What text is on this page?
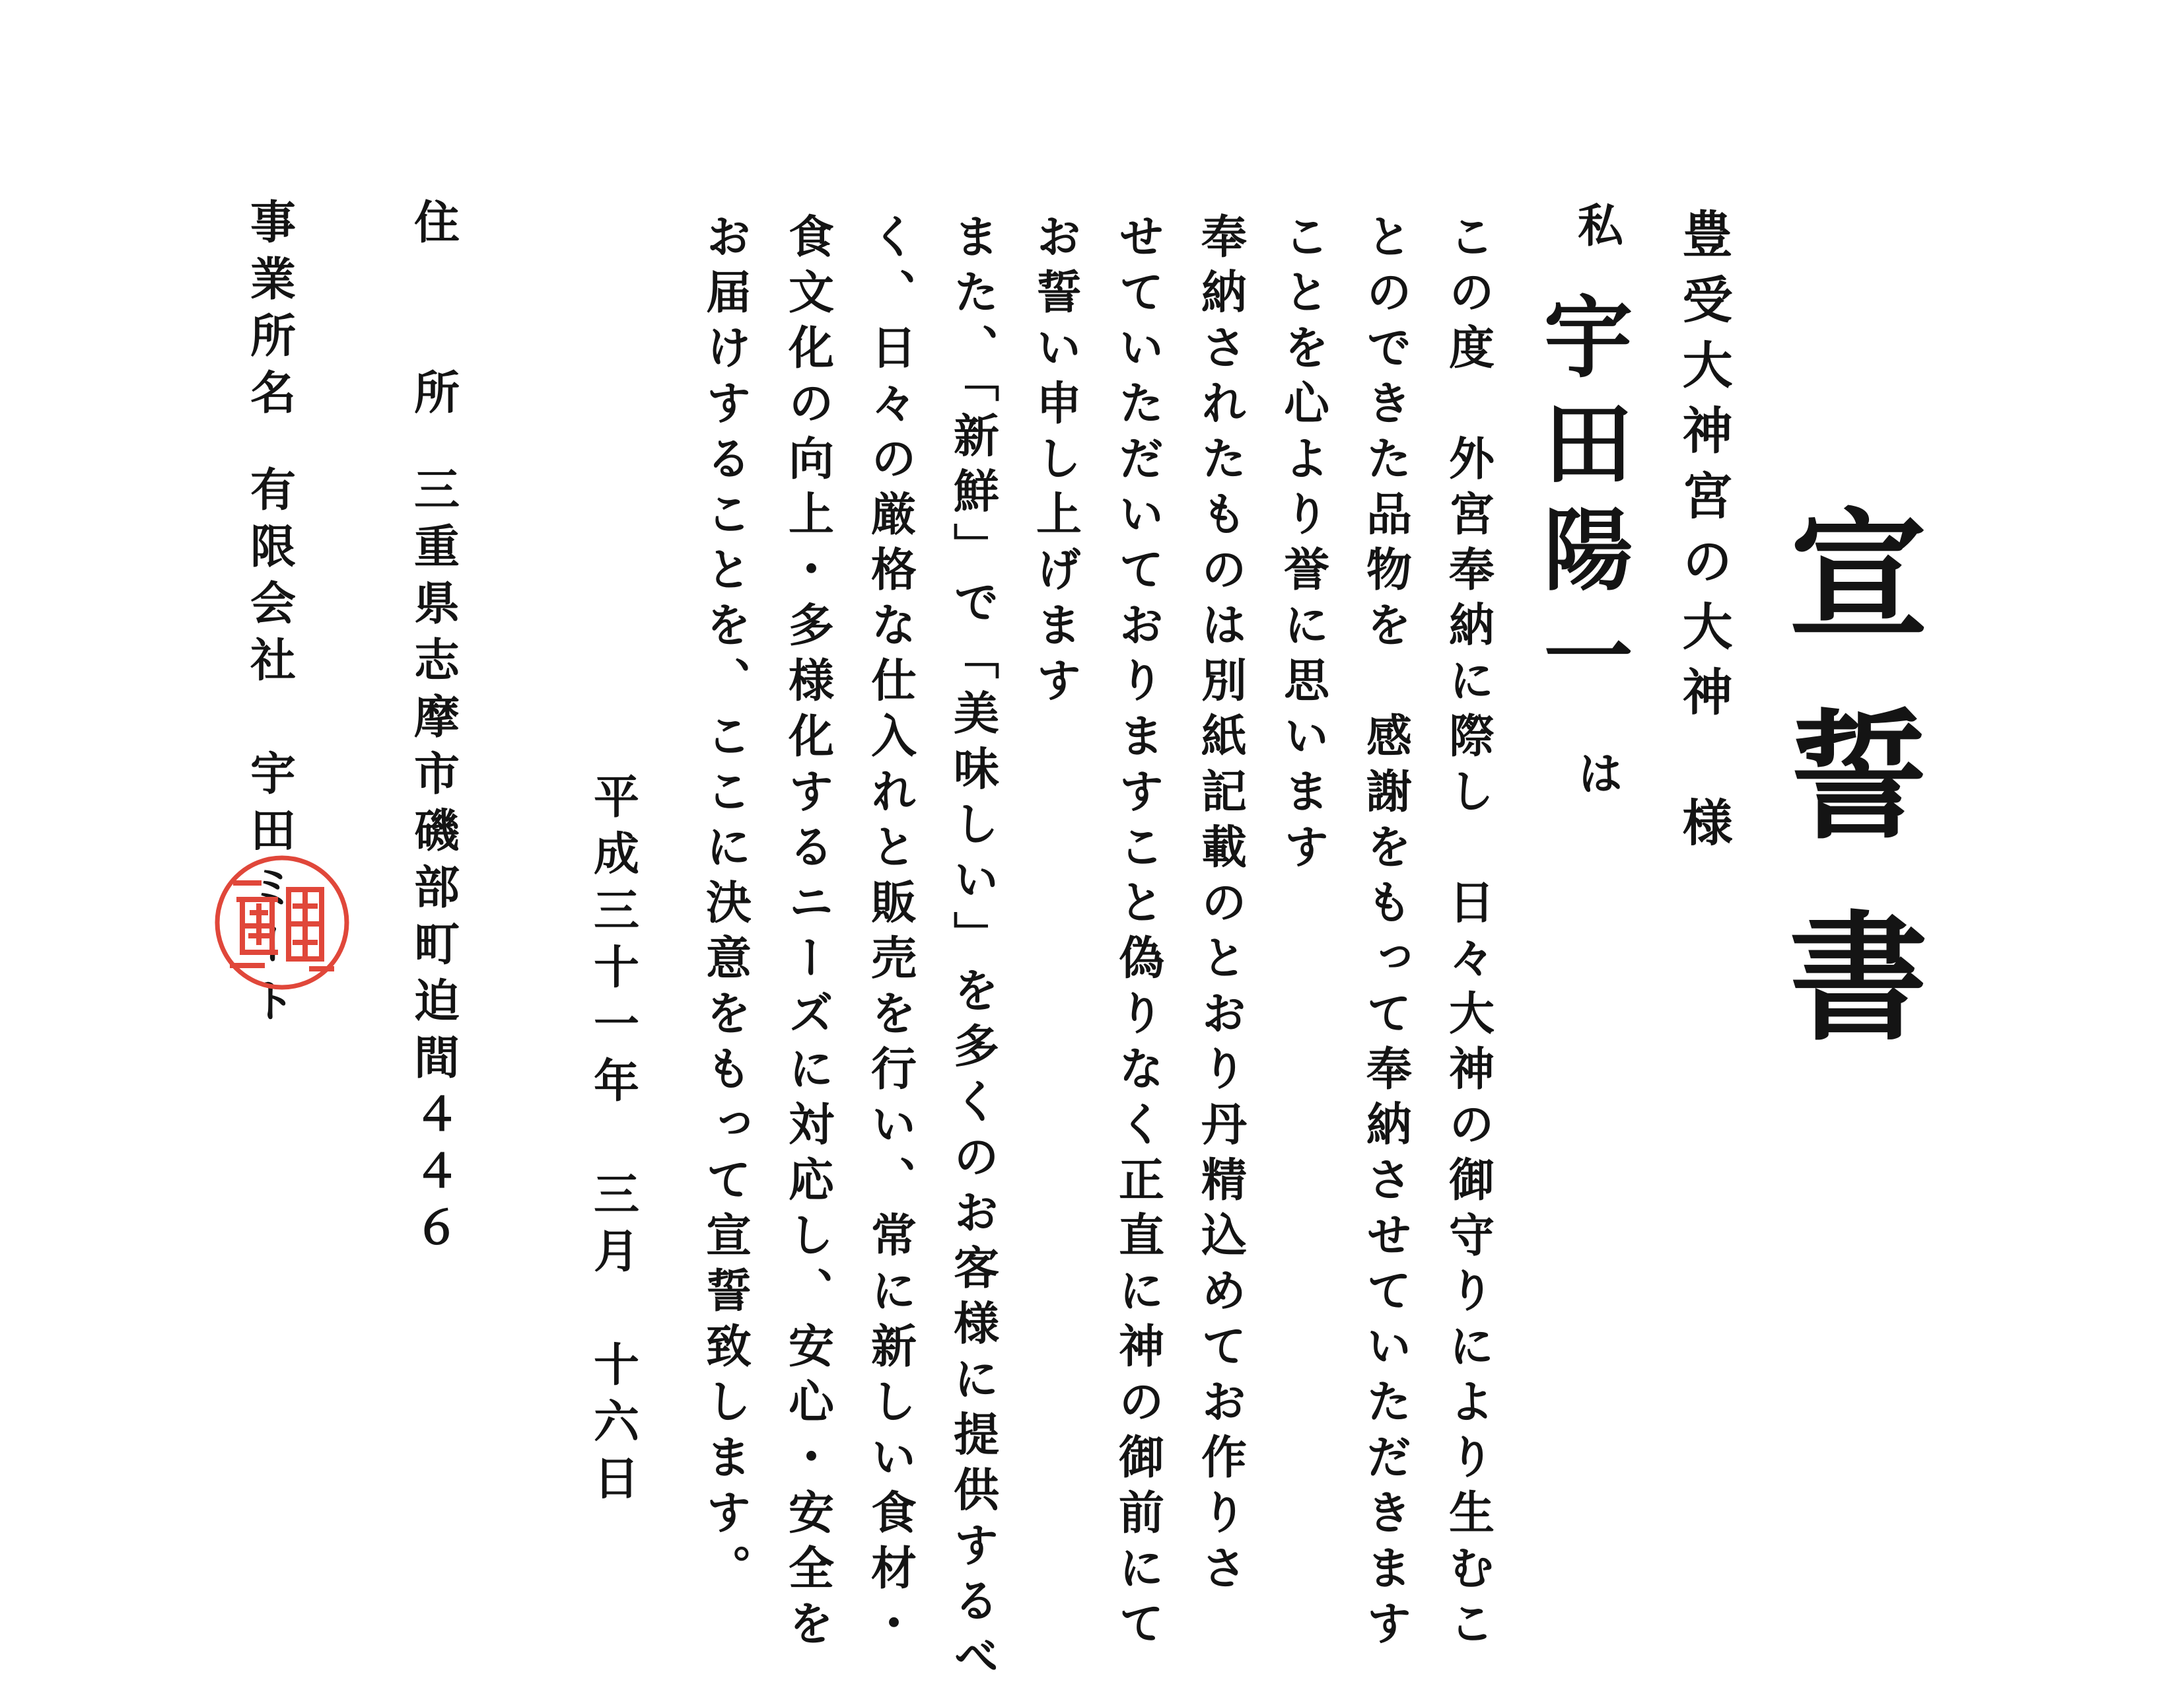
宣誓書
豊受大神宮の大神　様
私
宇田陽一
は
この度　外宮奉納に際し　日々大神の御守りにより生むこ
とのできた品物を　感謝をもって奉納させていただきます
ことを心より誉に思います
奉納されたものは別紙記載のとおり丹精込めてお作りさ
せていただいておりますこと偽りなく正直に神の御前にて
お誓い申し上げます
また、「新鮮」で「美味しい」を多くのお客様に提供するべ
く、日々の厳格な仕入れと販売を行い、常に新しい食材・
食文化の向上・多様化するニーズに対応し、安心・安全を
お届けすることを、ここに決意をもって宣誓致します。
平成三十一年　三月　十六日
住　　所
三重県志摩市磯部町迫間４４６
事業所名
有限会社　宇田ミート
